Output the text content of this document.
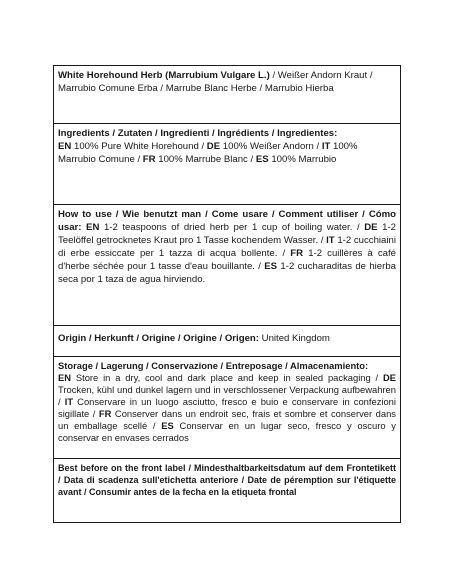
White Horehound Herb (Marrubium Vulgare L.) / Weißer Andorn Kraut / Marrubio Comune Erba / Marrube Blanc Herbe / Marrubio Hierba
Ingredients / Zutaten / Ingredienti / Ingrédients / Ingredientes:
EN 100% Pure White Horehound / DE 100% Weißer Andorn / IT 100% Marrubio Comune / FR 100% Marrube Blanc / ES 100% Marrubio
How to use / Wie benutzt man / Come usare / Comment utiliser / Cómo usar: EN 1-2 teaspoons of dried herb per 1 cup of boiling water. / DE 1-2 Teelöffel getrocknetes Kraut pro 1 Tasse kochendem Wasser. / IT 1-2 cucchiaini di erbe essiccate per 1 tazza di acqua bollente. / FR 1-2 cuillères à café d'herbe séchée pour 1 tasse d'eau bouillante. / ES 1-2 cucharaditas de hierba seca por 1 taza de agua hirviendo.
Origin / Herkunft / Origine / Origine / Origen: United Kingdom
Storage / Lagerung / Conservazione / Entreposage / Almacenamiento:
EN Store in a dry, cool and dark place and keep in sealed packaging / DE Trocken, kühl und dunkel lagern und in verschlossener Verpackung aufbewahren / IT Conservare in un luogo asciutto, fresco e buio e conservare in confezioni sigillate / FR Conserver dans un endroit sec, frais et sombre et conserver dans un emballage scellé / ES Conservar en un lugar seco, fresco y oscuro y conservar en envases cerrados
Best before on the front label / Mindesthaltbarkeitsdatum auf dem Frontetikett / Data di scadenza sull'etichetta anteriore / Date de péremption sur l'étiquette avant / Consumir antes de la fecha en la etiqueta frontal
